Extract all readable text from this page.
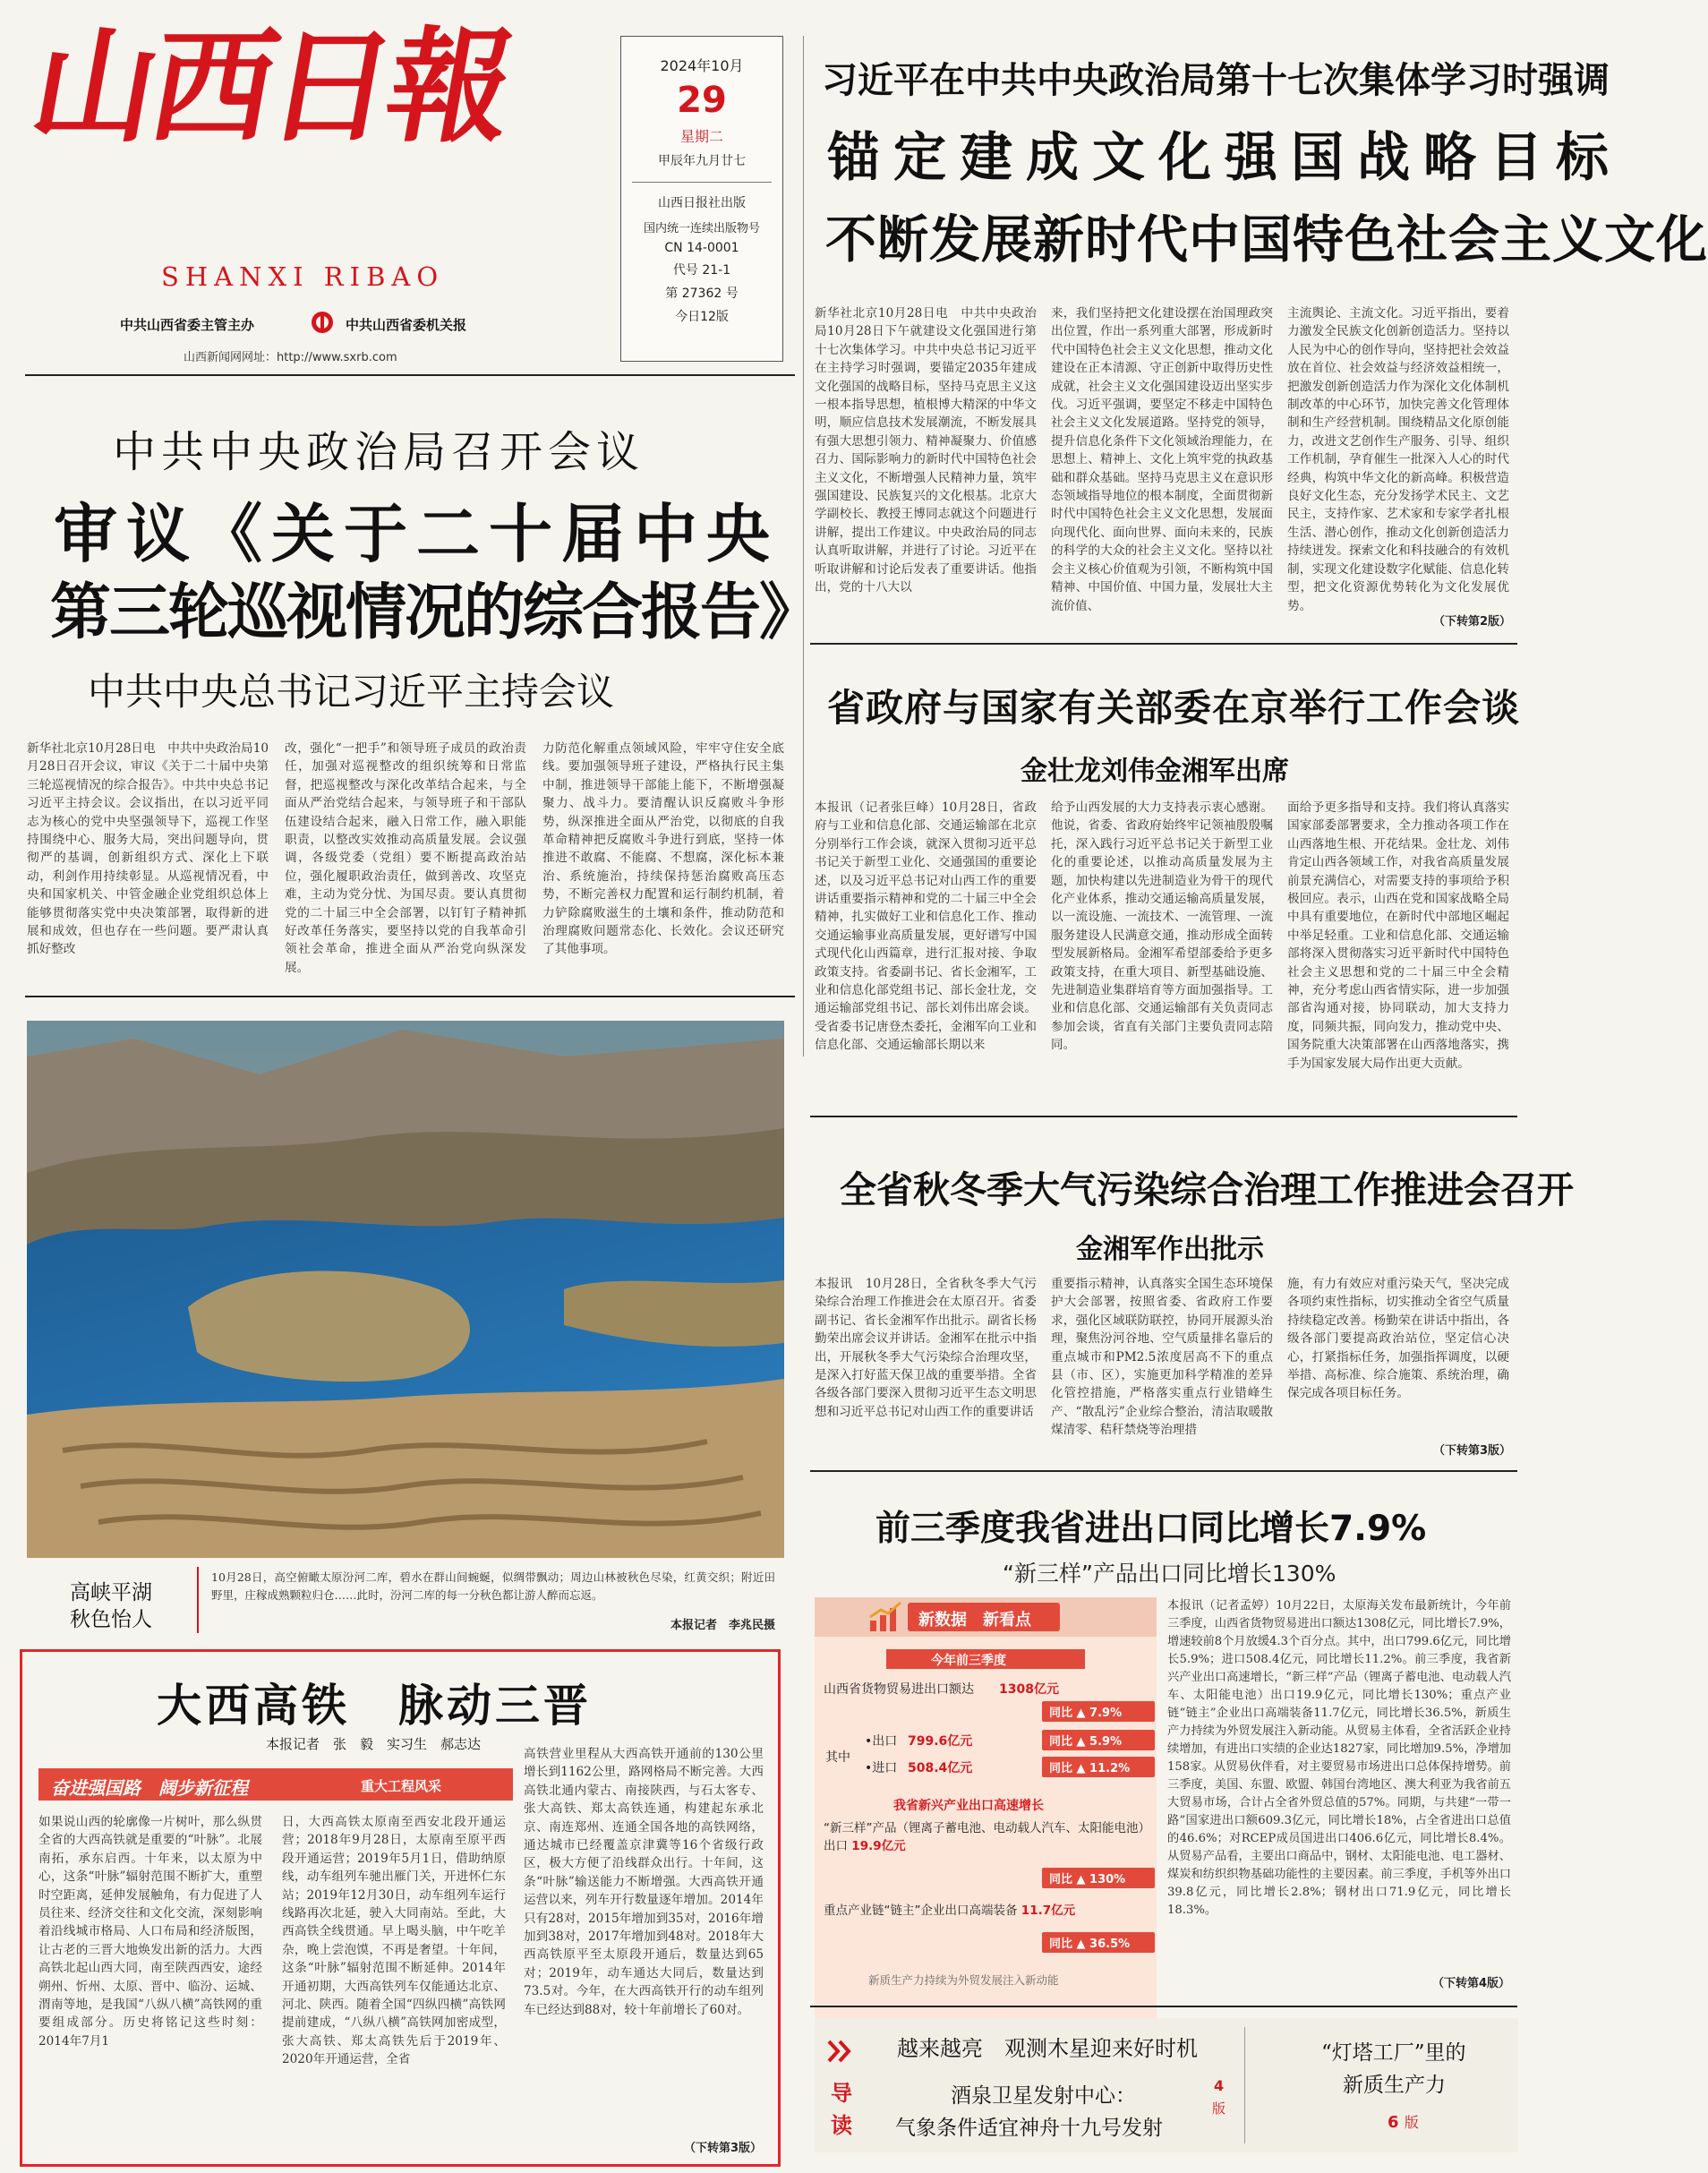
山西日報
SHANXI RIBAO
中共山西省委主管主办	中共山西省委机关报
山西新闻网网址：http://www.sxrb.com
2024年10月
29
星期二
甲辰年九月廿七
山西日报社出版
国内统一连续出版物号
CN 14-0001
代号 21-1
第 27362 号
今日12版
习近平在中共中央政治局第十七次集体学习时强调
锚定建成文化强国战略目标
不断发展新时代中国特色社会主义文化

新华社北京10月28日电　中共中央政治局10月28日下午就建设文化强国进行第十七次集体学习。中共中央总书记习近平在主持学习时强调，要锚定2035年建成文化强国的战略目标，坚持马克思主义这一根本指导思想，植根博大精深的中华文明，顺应信息技术发展潮流，不断发展具有强大思想引领力、精神凝聚力、价值感召力、国际影响力的新时代中国特色社会主义文化，不断增强人民精神力量，筑牢强国建设、民族复兴的文化根基。北京大学副校长、教授王博同志就这个问题进行讲解，提出工作建议。中央政治局的同志认真听取讲解，并进行了讨论。习近平在听取讲解和讨论后发表了重要讲话。他指出，党的十八大以

来，我们坚持把文化建设摆在治国理政突出位置，作出一系列重大部署，形成新时代中国特色社会主义文化思想，推动文化建设在正本清源、守正创新中取得历史性成就，社会主义文化强国建设迈出坚实步伐。习近平强调，要坚定不移走中国特色社会主义文化发展道路。坚持党的领导，提升信息化条件下文化领域治理能力，在思想上、精神上、文化上筑牢党的执政基础和群众基础。坚持马克思主义在意识形态领域指导地位的根本制度，全面贯彻新时代中国特色社会主义文化思想，发展面向现代化、面向世界、面向未来的，民族的科学的大众的社会主义文化。坚持以社会主义核心价值观为引领，不断构筑中国精神、中国价值、中国力量，发展壮大主流价值、

主流舆论、主流文化。习近平指出，要着力激发全民族文化创新创造活力。坚持以人民为中心的创作导向，坚持把社会效益放在首位、社会效益与经济效益相统一，把激发创新创造活力作为深化文化体制机制改革的中心环节，加快完善文化管理体制和生产经营机制。围绕精品文化原创能力，改进文艺创作生产服务、引导、组织工作机制，孕育催生一批深入人心的时代经典，构筑中华文化的新高峰。积极营造良好文化生态，充分发扬学术民主、文艺民主，支持作家、艺术家和专家学者扎根生活、潜心创作，推动文化创新创造活力持续迸发。探索文化和科技融合的有效机制，实现文化建设数字化赋能、信息化转型，把文化资源优势转化为文化发展优势。

（下转第2版）
中共中央政治局召开会议
审议《关于二十届中央
第三轮巡视情况的综合报告》
中共中央总书记习近平主持会议

新华社北京10月28日电　中共中央政治局10月28日召开会议，审议《关于二十届中央第三轮巡视情况的综合报告》。中共中央总书记习近平主持会议。会议指出，在以习近平同志为核心的党中央坚强领导下，巡视工作坚持围绕中心、服务大局，突出问题导向，贯彻严的基调，创新组织方式、深化上下联动，利剑作用持续彰显。从巡视情况看，中央和国家机关、中管金融企业党组织总体上能够贯彻落实党中央决策部署，取得新的进展和成效，但也存在一些问题。要严肃认真抓好整改

改，强化“一把手”和领导班子成员的政治责任，加强对巡视整改的组织统筹和日常监督，把巡视整改与深化改革结合起来，与全面从严治党结合起来，与领导班子和干部队伍建设结合起来，融入日常工作，融入职能职责，以整改实效推动高质量发展。会议强调，各级党委（党组）要不断提高政治站位，强化履职政治责任，做到善改、攻坚克难，主动为党分忧、为国尽责。要认真贯彻党的二十届三中全会部署，以钉钉子精神抓好改革任务落实，要坚持以党的自我革命引领社会革命，推进全面从严治党向纵深发展。

力防范化解重点领域风险，牢牢守住安全底线。要加强领导班子建设，严格执行民主集中制，推进领导干部能上能下，不断增强凝聚力、战斗力。要清醒认识反腐败斗争形势，纵深推进全面从严治党，以彻底的自我革命精神把反腐败斗争进行到底，坚持一体推进不敢腐、不能腐、不想腐，深化标本兼治、系统施治，持续保持惩治腐败高压态势，不断完善权力配置和运行制约机制，着力铲除腐败滋生的土壤和条件，推动防范和治理腐败问题常态化、长效化。会议还研究了其他事项。

高峡平湖
秋色怡人

10月28日，高空俯瞰太原汾河二库，碧水在群山间蜿蜒，似绸带飘动；周边山林被秋色尽染，红黄交织；附近田野里，庄稼成熟颗粒归仓……此时，汾河二库的每一分秋色都让游人醉而忘返。

本报记者　李兆民摄
大西高铁　脉动三晋
本报记者　张　毅　实习生　郝志达
奋进强国路　阔步新征程	重大工程风采

如果说山西的轮廓像一片树叶，那么纵贯全省的大西高铁就是重要的“叶脉”。北展南拓，承东启西。十年来，以太原为中心，这条“叶脉”辐射范围不断扩大，重塑时空距离，延伸发展触角，有力促进了人员往来、经济交往和文化交流，深刻影响着沿线城市格局、人口布局和经济版图，让古老的三晋大地焕发出新的活力。大西高铁北起山西大同，南至陕西西安，途经朔州、忻州、太原、晋中、临汾、运城、渭南等地，是我国“八纵八横”高铁网的重要组成部分。历史将铭记这些时刻：2014年7月1

日，大西高铁太原南至西安北段开通运营；2018年9月28日，太原南至原平西段开通运营；2019年5月1日，借助纳原线，动车组列车驰出雁门关，开进怀仁东站；2019年12月30日，动车组列车运行线路再次北延，驶入大同南站。至此，大西高铁全线贯通。早上喝头脑，中午吃羊杂，晚上尝泡馍，不再是奢望。十年间，这条“叶脉”辐射范围不断延伸。2014年开通初期，大西高铁列车仅能通达北京、河北、陕西。随着全国“四纵四横”高铁网提前建成，“八纵八横”高铁网加密成型，张大高铁、郑太高铁先后于2019年、2020年开通运营，全省

高铁营业里程从大西高铁开通前的130公里增长到1162公里，路网格局不断完善。大西高铁北通内蒙古、南接陕西，与石太客专、张大高铁、郑太高铁连通，构建起东承北京、南连郑州、连通全国各地的高铁网络，通达城市已经覆盖京津冀等16个省级行政区，极大方便了沿线群众出行。十年间，这条“叶脉”输送能力不断增强。大西高铁开通运营以来，列车开行数量逐年增加。2014年只有28对，2015年增加到35对，2016年增加到38对，2017年增加到48对。2018年大西高铁原平至太原段开通后，数量达到65对；2019年，动车通达大同后，数量达到73.5对。今年，在大西高铁开行的动车组列车已经达到88对，较十年前增长了60对。

（下转第3版）
省政府与国家有关部委在京举行工作会谈
金壮龙刘伟金湘军出席

本报讯（记者张巨峰）10月28日，省政府与工业和信息化部、交通运输部在北京分别举行工作会谈，就深入贯彻习近平总书记关于新型工业化、交通强国的重要论述，以及习近平总书记对山西工作的重要讲话重要指示精神和党的二十届三中全会精神，扎实做好工业和信息化工作、推动交通运输事业高质量发展，更好谱写中国式现代化山西篇章，进行汇报对接、争取政策支持。省委副书记、省长金湘军，工业和信息化部党组书记、部长金壮龙，交通运输部党组书记、部长刘伟出席会谈。受省委书记唐登杰委托，金湘军向工业和信息化部、交通运输部长期以来

给予山西发展的大力支持表示衷心感谢。他说，省委、省政府始终牢记领袖殷殷嘱托，深入践行习近平总书记关于新型工业化的重要论述，以推动高质量发展为主题，加快构建以先进制造业为骨干的现代化产业体系，推动交通运输高质量发展，以一流设施、一流技术、一流管理、一流服务建设人民满意交通，推动形成全面转型发展新格局。金湘军希望部委给予更多政策支持，在重大项目、新型基础设施、先进制造业集群培育等方面加强指导。工业和信息化部、交通运输部有关负责同志参加会谈，省直有关部门主要负责同志陪同。

面给予更多指导和支持。我们将认真落实国家部委部署要求，全力推动各项工作在山西落地生根、开花结果。金壮龙、刘伟肯定山西各领域工作，对我省高质量发展前景充满信心，对需要支持的事项给予积极回应。表示，山西在党和国家战略全局中具有重要地位，在新时代中部地区崛起中举足轻重。工业和信息化部、交通运输部将深入贯彻落实习近平新时代中国特色社会主义思想和党的二十届三中全会精神，充分考虑山西省情实际，进一步加强部省沟通对接，协同联动，加大支持力度，同频共振，同向发力，推动党中央、国务院重大决策部署在山西落地落实，携手为国家发展大局作出更大贡献。

全省秋冬季大气污染综合治理工作推进会召开
金湘军作出批示

本报讯　10月28日，全省秋冬季大气污染综合治理工作推进会在太原召开。省委副书记、省长金湘军作出批示。副省长杨勤荣出席会议并讲话。金湘军在批示中指出，开展秋冬季大气污染综合治理攻坚，是深入打好蓝天保卫战的重要举措。全省各级各部门要深入贯彻习近平生态文明思想和习近平总书记对山西工作的重要讲话

重要指示精神，认真落实全国生态环境保护大会部署，按照省委、省政府工作要求，强化区域联防联控，协同开展源头治理，聚焦汾河谷地、空气质量排名靠后的重点城市和PM2.5浓度居高不下的重点县（市、区），实施更加科学精准的差异化管控措施，严格落实重点行业错峰生产、“散乱污”企业综合整治，清洁取暖散煤清零、秸秆禁烧等治理措

施，有力有效应对重污染天气，坚决完成各项约束性指标，切实推动全省空气质量持续稳定改善。杨勤荣在讲话中指出，各级各部门要提高政治站位，坚定信心决心，打紧指标任务，加强指挥调度，以硬举措、高标准、综合施策、系统治理，确保完成各项目标任务。

（下转第3版）
前三季度我省进出口同比增长7.9%
“新三样”产品出口同比增长130%
新数据　新看点
今年前三季度
山西省货物贸易进出口额达 1308亿元
同比 ▲ 7.9%
其中
•出口 799.6亿元	同比 ▲ 5.9%
•进口 508.4亿元	同比 ▲ 11.2%
我省新兴产业出口高速增长
“新三样”产品（锂离子蓄电池、电动载人汽车、太阳能电池）出口 19.9亿元
同比 ▲ 130%
重点产业链“链主”企业出口高端装备 11.7亿元
同比 ▲ 36.5%
新质生产力持续为外贸发展注入新动能

本报讯（记者孟婷）10月22日，太原海关发布最新统计，今年前三季度，山西省货物贸易进出口额达1308亿元，同比增长7.9%，增速较前8个月放缓4.3个百分点。其中，出口799.6亿元，同比增长5.9%；进口508.4亿元，同比增长11.2%。前三季度，我省新兴产业出口高速增长，“新三样”产品（锂离子蓄电池、电动载人汽车、太阳能电池）出口19.9亿元，同比增长130%；重点产业链“链主”企业出口高端装备11.7亿元，同比增长36.5%，新质生产力持续为外贸发展注入新动能。从贸易主体看，全省活跃企业持续增加，有进出口实绩的企业达1827家，同比增加9.5%，净增加158家。从贸易伙伴看，对主要贸易市场进出口总体保持增势。前三季度，美国、东盟、欧盟、韩国台湾地区、澳大利亚为我省前五大贸易市场，合计占全省外贸总值的57%。同期，与共建“一带一路”国家进出口额609.3亿元，同比增长18%，占全省进出口总值的46.6%；对RCEP成员国进出口406.6亿元，同比增长8.4%。从贸易产品看，主要出口商品中，钢材、太阳能电池、电工器材、煤炭和纺织织物基础功能性的主要因素。前三季度，手机等外出口39.8亿元，同比增长2.8%；钢材出口71.9亿元，同比增长18.3%。

（下转第4版）
导
读
越来越亮　观测木星迎来好时机
酒泉卫星发射中心：
气象条件适宜神舟十九号发射
4
版
“灯塔工厂”里的
新质生产力
6 版
